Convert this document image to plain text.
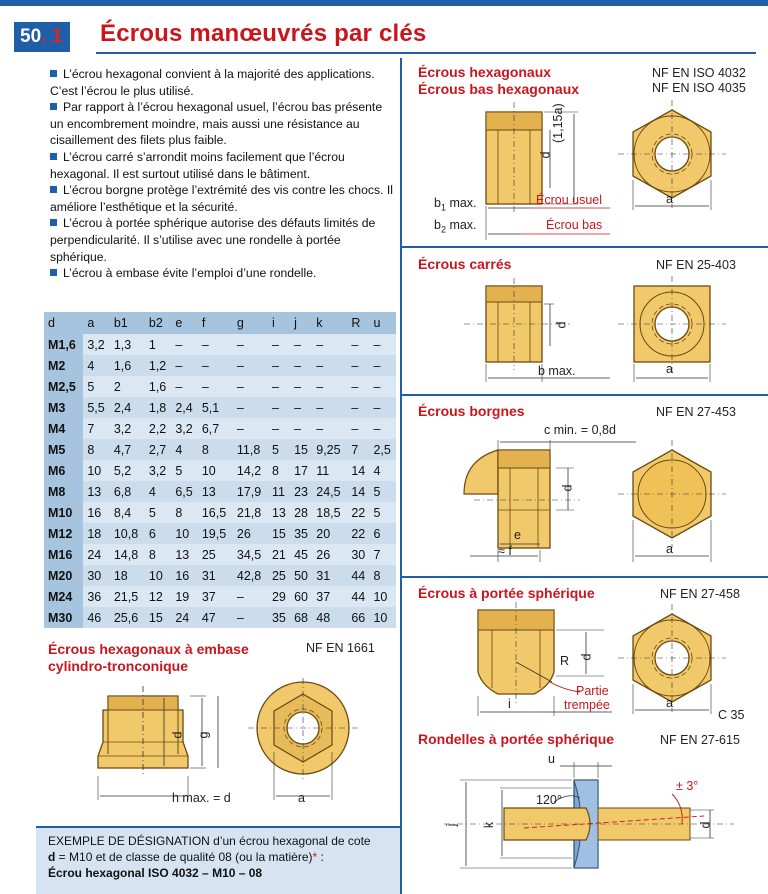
50. 1	Écrous manœuvrés par clés

L’écrou hexagonal convient à la majorité des applications. C’est l’écrou le plus utilisé.

Par rapport à l’écrou hexagonal usuel, l’écrou bas présente un encombrement moindre, mais aussi une résistance au cisaillement des filets plus faible.

L’écrou carré s’arrondit moins facilement que l’écrou hexagonal. Il est surtout utilisé dans le bâtiment.

L’écrou borgne protège l’extrémité des vis contre les chocs. Il améliore l’esthétique et la sécurité.

L’écrou à portée sphérique autorise des défauts limités de perpendicularité. Il s’utilise avec une rondelle à portée sphérique.

L’écrou à embase évite l’emploi d’une rondelle.

d	a	b1	b2	e	f	g	i	j	k	R	u
M1,6	3,2	1,3	1	–	–	–	–	–	–	–	–
M2	4	1,6	1,2	–	–	–	–	–	–	–	–
M2,5	5	2	1,6	–	–	–	–	–	–	–	–
M3	5,5	2,4	1,8	2,4	5,1	–	–	–	–	–	–
M4	7	3,2	2,2	3,2	6,7	–	–	–	–	–	–
M5	8	4,7	2,7	4	8	11,8	5	15	9,25	7	2,5
M6	10	5,2	3,2	5	10	14,2	8	17	11	14	4
M8	13	6,8	4	6,5	13	17,9	11	23	24,5	14	5
M10	16	8,4	5	8	16,5	21,8	13	28	18,5	22	5
M12	18	10,8	6	10	19,5	26	15	35	20	22	6
M16	24	14,8	8	13	25	34,5	21	45	26	30	7
M20	30	18	10	16	31	42,8	25	50	31	44	8
M24	36	21,5	12	19	37	–	29	60	37	44	10
M30	46	25,6	15	24	47	–	35	68	48	66	10
Écrous hexagonaux à embase
cylindro-tronconique
NF EN 1661
d g
h max. = d	a
EXEMPLE DE DÉSIGNATION d’un écrou hexagonal de cote
d = M10 et de classe de qualité 08 (ou la matière)* :
Écrou hexagonal ISO 4032 – M10 – 08
Écrous hexagonaux
Écrous bas hexagonaux
NF EN ISO 4032
NF EN ISO 4035
d
(1,15a)
$b_1$ max.
$b_2$ max.
Écrou usuel
Écrou bas
a
Écrous carrés	NF EN 25-403
d
b max.	a
Écrous borgnes	NF EN 27-453
c min. = 0,8d
d
e
≈ f	a
Écrous à portée sphérique	NF EN 27-458
R d
Partie
trempée
i	a
C 35
Rondelles à portée sphérique	NF EN 27-615
u
120°
± 3°
j k	d
